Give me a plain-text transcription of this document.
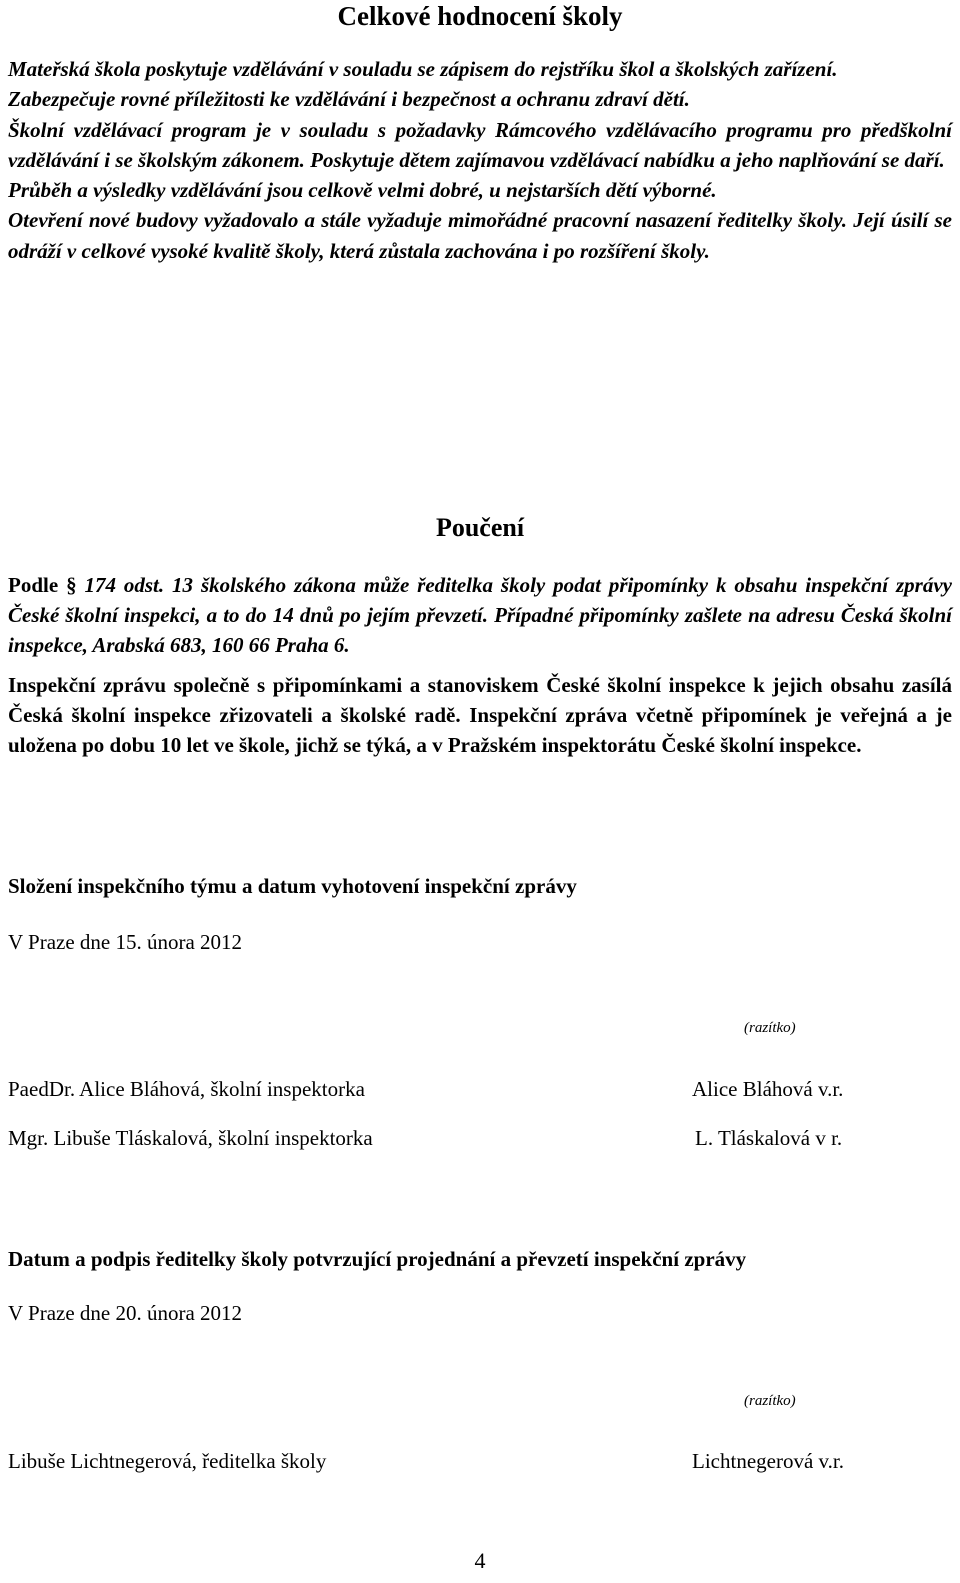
Celkové hodnocení školy

Mateřská škola poskytuje vzdělávání v souladu se zápisem do rejstříku škol a školských zařízení.

Zabezpečuje rovné příležitosti ke vzdělávání i bezpečnost a ochranu zdraví dětí.

Školní vzdělávací program je v souladu s požadavky Rámcového vzdělávacího programu pro předškolní vzdělávání i se školským zákonem. Poskytuje dětem zajímavou vzdělávací nabídku a jeho naplňování se daří.

Průběh a výsledky vzdělávání jsou celkově velmi dobré, u nejstarších dětí výborné.

Otevření nové budovy vyžadovalo a stále vyžaduje mimořádné pracovní nasazení ředitelky školy. Její úsilí se odráží v celkové vysoké kvalitě školy, která zůstala zachována i po rozšíření školy.

Poučení

Podle § 174 odst. 13 školského zákona může ředitelka školy podat připomínky k obsahu inspekční zprávy České školní inspekci, a to do 14 dnů po jejím převzetí. Případné připomínky zašlete na adresu Česká školní inspekce, Arabská 683, 160 66 Praha 6.

Inspekční zprávu společně s připomínkami a stanoviskem České školní inspekce k jejich obsahu zasílá Česká školní inspekce zřizovateli a školské radě. Inspekční zpráva včetně připomínek je veřejná a je uložena po dobu 10 let ve škole, jichž se týká, a v Pražském inspektorátu České školní inspekce.

Složení inspekčního týmu a datum vyhotovení inspekční zprávy
V Praze dne 15. února 2012
(razítko)
PaedDr. Alice Bláhová, školní inspektorka	Alice Bláhová v.r.
Mgr. Libuše Tláskalová, školní inspektorka	L. Tláskalová v r.
Datum a podpis ředitelky školy potvrzující projednání a převzetí inspekční zprávy
V Praze dne 20. února 2012
(razítko)
Libuše Lichtnegerová, ředitelka školy	Lichtnegerová v.r.
4
